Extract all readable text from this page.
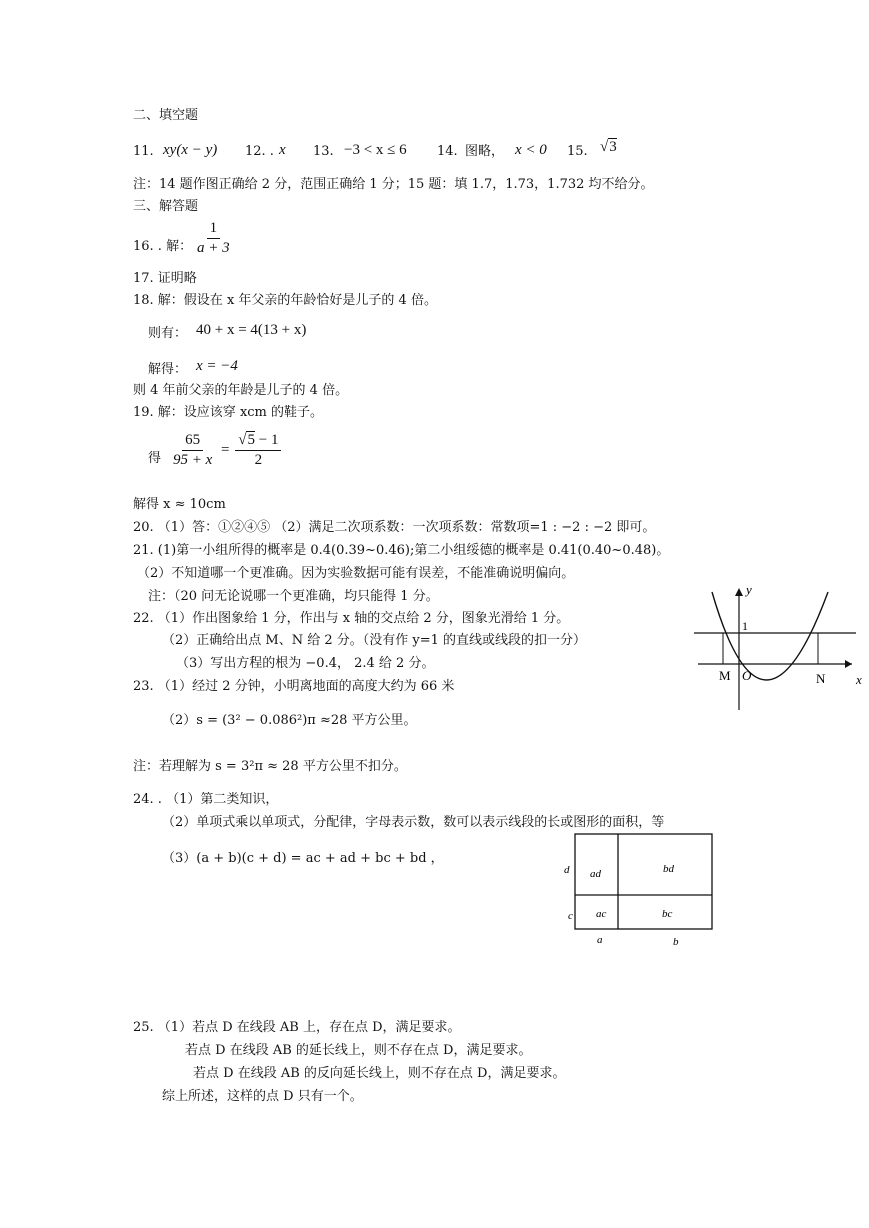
二、填空题
11. xy(x − y) 12. . x 13. −3 < x ≤ 6 14. 图略， x < 0 15. √3
注：14 题作图正确给 2 分，范围正确给 1 分；15 题：填 1.7，1.73，1.732 均不给分。
三、解答题
16. . 解： $\frac{1}{a + 3}$
17. 证明略
18. 解：假设在 x 年父亲的年龄恰好是儿子的 4 倍。
则有： 40 + x = 4(13 + x)
解得： x = −4
则 4 年前父亲的年龄是儿子的 4 倍。
19. 解：设应该穿 xcm 的鞋子。
得 $\frac{65}{95 + x} = \frac{√5 - 1}{2}$
解得 x ≈ 10cm
20. （1）答：①②④⑤ （2）满足二次项系数：一次项系数：常数项=1 : −2 : −2 即可。
21. (1)第一小组所得的概率是 0.4(0.39~0.46);第二小组绥德的概率是 0.41(0.40~0.48)。
（2）不知道哪一个更准确。因为实验数据可能有误差，不能准确说明偏向。
注：（20 问无论说哪一个更准确，均只能得 1 分。
22. （1）作出图象给 1 分，作出与 x 轴的交点给 2 分，图象光滑给 1 分。
（2）正确给出点 M、N 给 2 分。（没有作 y=1 的直线或线段的扣一分）
（3）写出方程的根为 −0.4， 2.4 给 2 分。
23. （1）经过 2 分钟，小明离地面的高度大约为 66 米
（2）s = (3² − 0.086²)π ≈28 平方公里。
注：若理解为 s = 3²π ≈ 28 平方公里不扣分。
24. . （1）第二类知识，
（2）单项式乘以单项式，分配律，字母表示数，数可以表示线段的长或图形的面积，等
（3）(a + b)(c + d) = ac + ad + bc + bd ，
25. （1）若点 D 在线段 AB 上，存在点 D，满足要求。
若点 D 在线段 AB 的延长线上，则不存在点 D，满足要求。
若点 D 在线段 AB 的反向延长线上，则不存在点 D，满足要求。
综上所述，这样的点 D 只有一个。
y
x
1
M O	N
ad	bd
ac	bc
d
c
a	b
